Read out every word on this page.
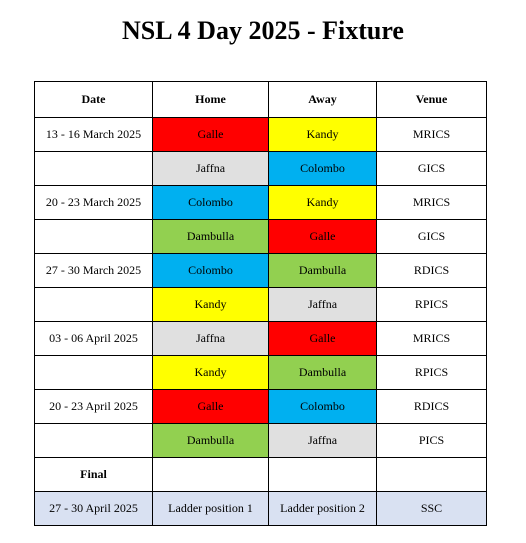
NSL 4 Day 2025 - Fixture
Date	Home	Away	Venue
13 - 16 March 2025	Galle	Kandy	MRICS
	Jaffna	Colombo	GICS
20 - 23 March 2025	Colombo	Kandy	MRICS
	Dambulla	Galle	GICS
27 - 30 March 2025	Colombo	Dambulla	RDICS
	Kandy	Jaffna	RPICS
03 - 06 April 2025	Jaffna	Galle	MRICS
	Kandy	Dambulla	RPICS
20 - 23 April 2025	Galle	Colombo	RDICS
	Dambulla	Jaffna	PICS
Final			
27 - 30 April 2025	Ladder position 1	Ladder position 2	SSC
